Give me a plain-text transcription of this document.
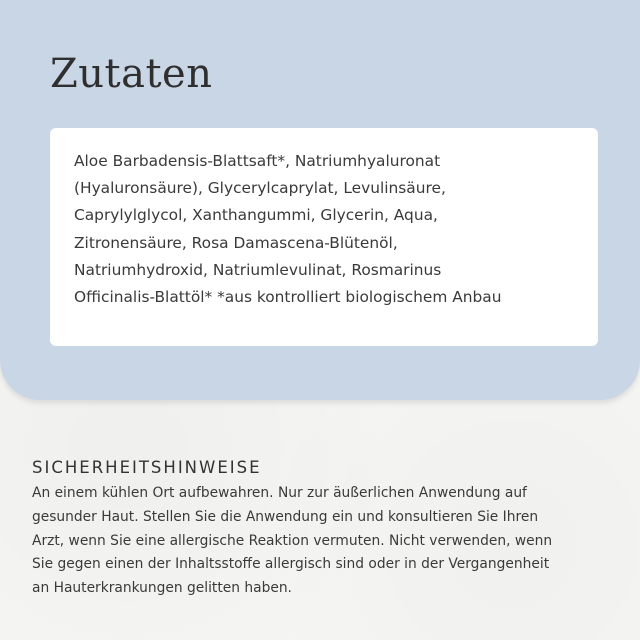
Zutaten

Aloe Barbadensis-Blattsaft*, Natriumhyaluronat
(Hyaluronsäure), Glycerylcaprylat, Levulinsäure,
Caprylylglycol, Xanthangummi, Glycerin, Aqua,
Zitronensäure, Rosa Damascena-Blütenöl,
Natriumhydroxid, Natriumlevulinat, Rosmarinus
Officinalis-Blattöl* *aus kontrolliert biologischem Anbau

SICHERHEITSHINWEISE

An einem kühlen Ort aufbewahren. Nur zur äußerlichen Anwendung auf
gesunder Haut. Stellen Sie die Anwendung ein und konsultieren Sie Ihren
Arzt, wenn Sie eine allergische Reaktion vermuten. Nicht verwenden, wenn
Sie gegen einen der Inhaltsstoffe allergisch sind oder in der Vergangenheit
an Hauterkrankungen gelitten haben.
